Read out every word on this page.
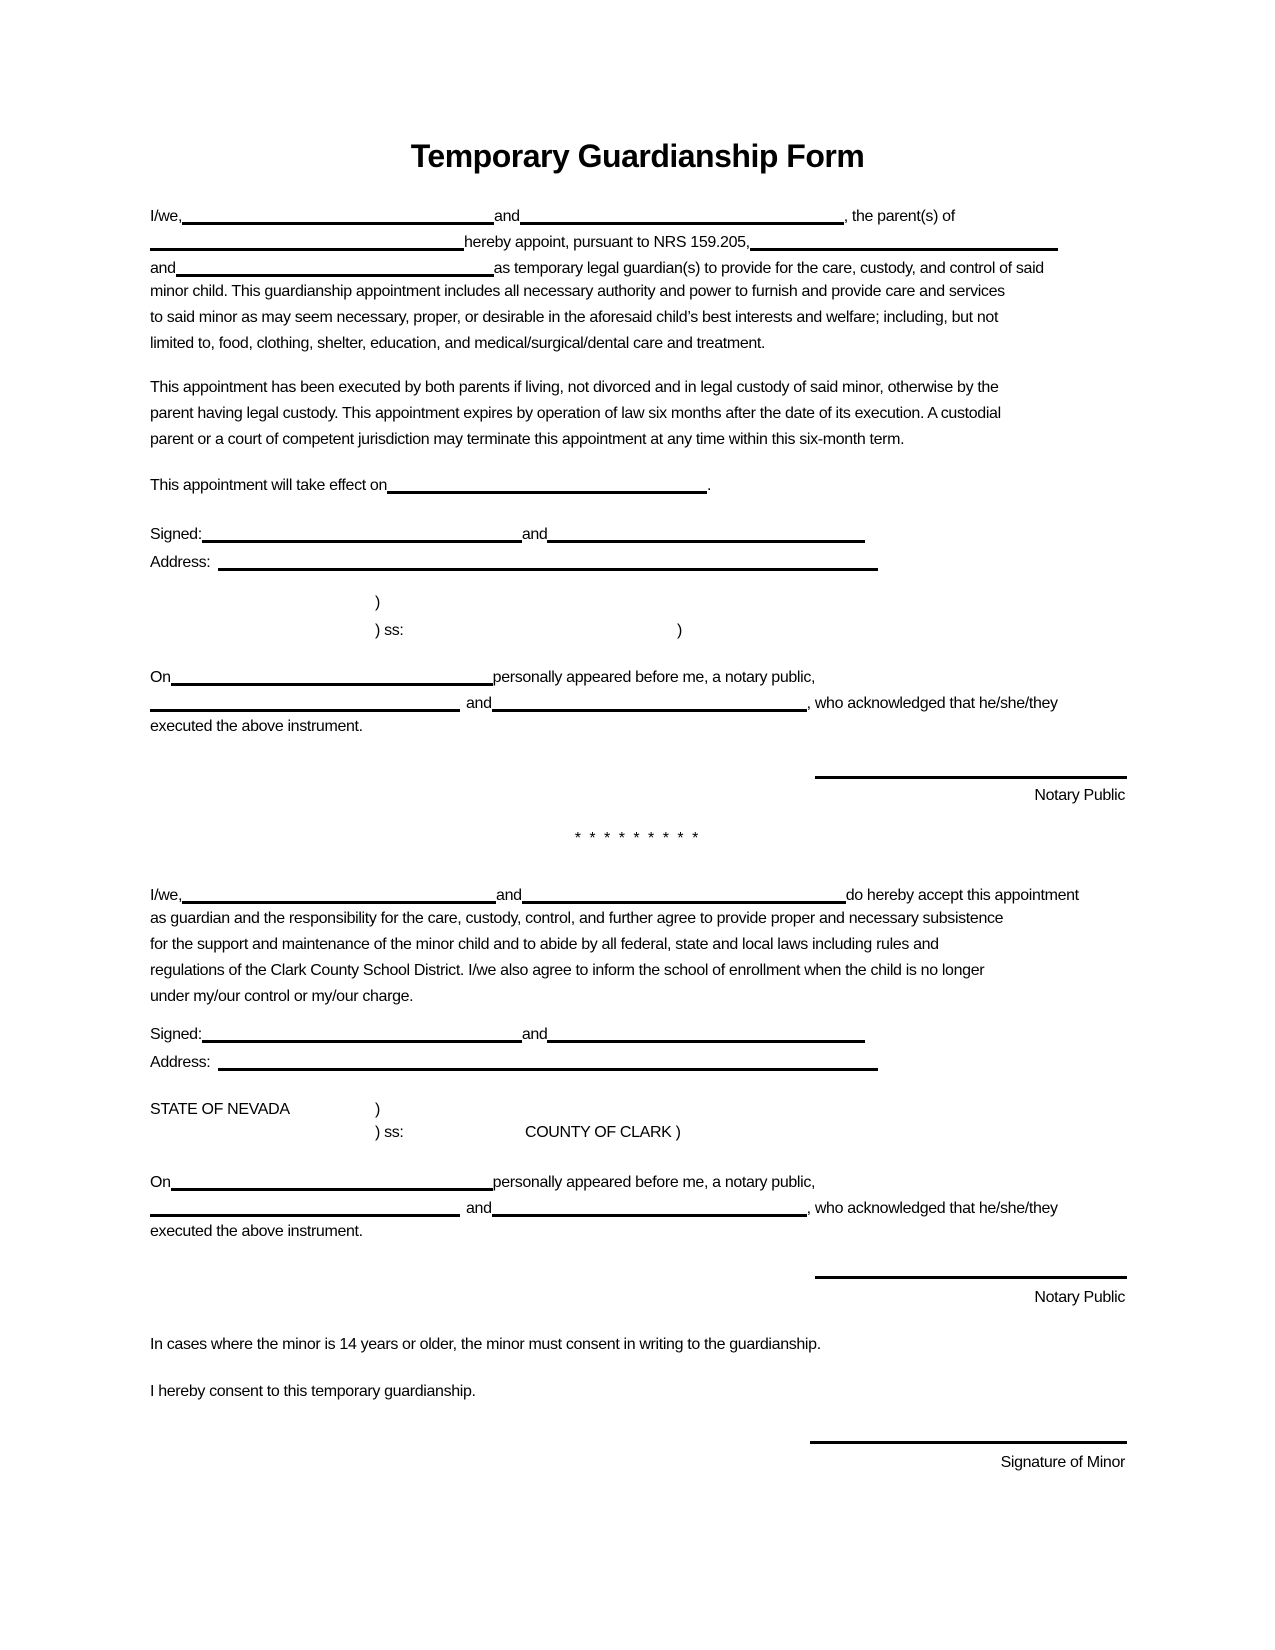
Temporary Guardianship Form
I/we,	and	, the parent(s) of
hereby appoint, pursuant to NRS 159.205,
and	as temporary legal guardian(s) to provide for the care, custody, and control of said
minor child. This guardianship appointment includes all necessary authority and power to furnish and provide care and services
to said minor as may seem necessary, proper, or desirable in the aforesaid child’s best interests and welfare; including, but not
limited to, food, clothing, shelter, education, and medical/surgical/dental care and treatment.
This appointment has been executed by both parents if living, not divorced and in legal custody of said minor, otherwise by the
parent having legal custody. This appointment expires by operation of law six months after the date of its execution. A custodial
parent or a court of competent jurisdiction may terminate this appointment at any time within this six-month term.
This appointment will take effect on	.
Signed:	and
Address:
)
) ss:	)
On	personally appeared before me, a notary public,
and	, who acknowledged that he/she/they
executed the above instrument.
Notary Public
* * * * * * * * *
I/we,	and	do hereby accept this appointment
as guardian and the responsibility for the care, custody, control, and further agree to provide proper and necessary subsistence
for the support and maintenance of the minor child and to abide by all federal, state and local laws including rules and
regulations of the Clark County School District. I/we also agree to inform the school of enrollment when the child is no longer
under my/our control or my/our charge.
Signed:	and
Address:
STATE OF NEVADA	)
) ss:	COUNTY OF CLARK )
On	personally appeared before me, a notary public,
and	, who acknowledged that he/she/they
executed the above instrument.
Notary Public
In cases where the minor is 14 years or older, the minor must consent in writing to the guardianship.
I hereby consent to this temporary guardianship.
Signature of Minor
